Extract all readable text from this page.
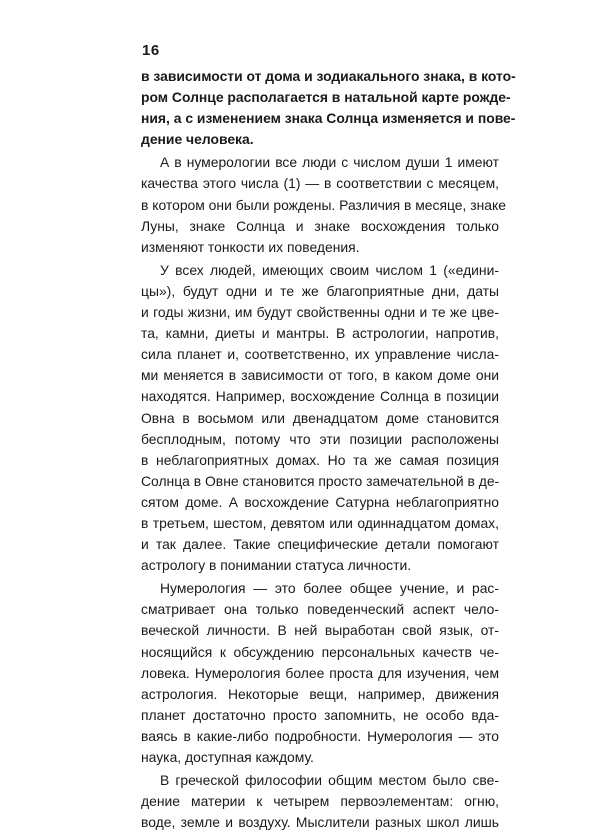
16
в зависимости от дома и зодиакального знака, в кото-
ром Солнце располагается в натальной карте рожде-
ния, а с изменением знака Солнца изменяется и пове-
дение человека.
А в нумерологии все люди с числом души 1 имеют
качества этого числа (1) — в соответствии с месяцем,
в котором они были рождены. Различия в месяце, знаке
Луны, знаке Солнца и знаке восхождения только
изменяют тонкости их поведения.
У всех людей, имеющих своим числом 1 («едини-
цы»), будут одни и те же благоприятные дни, даты
и годы жизни, им будут свойственны одни и те же цве-
та, камни, диеты и мантры. В астрологии, напротив,
сила планет и, соответственно, их управление числа-
ми меняется в зависимости от того, в каком доме они
находятся. Например, восхождение Солнца в позиции
Овна в восьмом или двенадцатом доме становится
бесплодным, потому что эти позиции расположены
в неблагоприятных домах. Но та же самая позиция
Солнца в Овне становится просто замечательной в де-
сятом доме. А восхождение Сатурна неблагоприятно
в третьем, шестом, девятом или одиннадцатом домах,
и так далее. Такие специфические детали помогают
астрологу в понимании статуса личности.
Нумерология — это более общее учение, и рас-
сматривает она только поведенческий аспект чело-
веческой личности. В ней выработан свой язык, от-
носящийся к обсуждению персональных качеств че-
ловека. Нумерология более проста для изучения, чем
астрология. Некоторые вещи, например, движения
планет достаточно просто запомнить, не особо вда-
ваясь в какие-либо подробности. Нумерология — это
наука, доступная каждому.
В греческой философии общим местом было све-
дение материи к четырем первоэлементам: огню,
воде, земле и воздуху. Мыслители разных школ лишь
